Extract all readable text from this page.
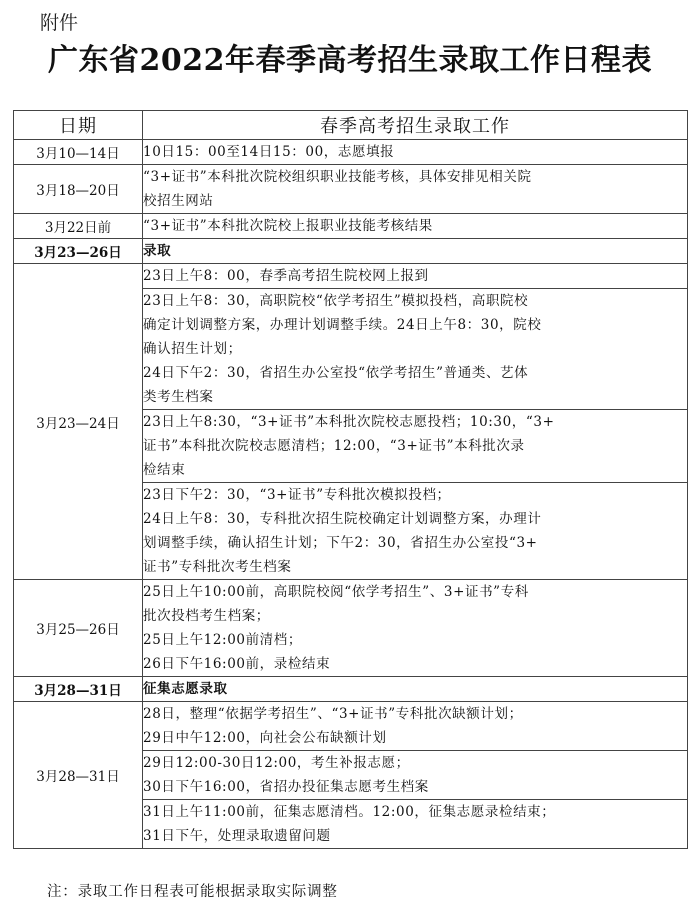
附件
广东省2022年春季高考招生录取工作日程表
日期	春季高考招生录取工作
3月10—14日	10日15：00至14日15：00，志愿填报

3月18—20日	“3+证书”本科批次院校组织职业技能考核，具体安排见相关院
校招生网站

3月22日前	“3+证书”本科批次院校上报职业技能考核结果

3月23—26日	录取

3月23—24日	23日上午8：00，春季高考招生院校网上报到

	23日上午8：30，高职院校“依学考招生”模拟投档，高职院校
确定计划调整方案，办理计划调整手续。24日上午8：30，院校
确认招生计划；
24日下午2：30，省招生办公室投“依学考招生”普通类、艺体
类考生档案

	23日上午8:30，“3+证书”本科批次院校志愿投档；10:30，“3+
证书”本科批次院校志愿清档；12:00，“3+证书”本科批次录
检结束

	23日下午2：30，“3+证书”专科批次模拟投档；
24日上午8：30，专科批次招生院校确定计划调整方案，办理计
划调整手续，确认招生计划；下午2：30，省招生办公室投“3+
证书”专科批次考生档案

3月25—26日	25日上午10:00前，高职院校阅“依学考招生”、3+证书”专科
批次投档考生档案；
25日上午12:00前清档；
26日下午16:00前，录检结束

3月28—31日	征集志愿录取

3月28—31日	28日，整理“依据学考招生”、“3+证书”专科批次缺额计划；
29日中午12:00，向社会公布缺额计划

	29日12:00-30日12:00，考生补报志愿；
30日下午16:00，省招办投征集志愿考生档案

	31日上午11:00前，征集志愿清档。12:00，征集志愿录检结束；
31日下午，处理录取遗留问题
注：录取工作日程表可能根据录取实际调整
